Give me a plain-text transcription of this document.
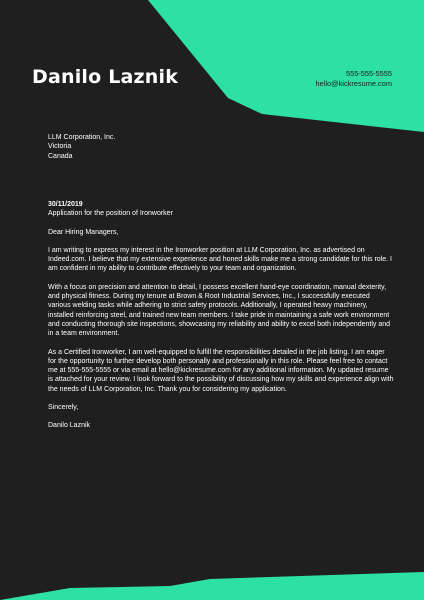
Danilo Laznik	555-555-5555
hello@kickresume.com
LLM Corporation, Inc.
Victoria
Canada
30/11/2019
Application for the position of Ironworker

Dear Hiring Managers,

I am writing to express my interest in the Ironworker position at LLM Corporation, Inc. as advertised on Indeed.com. I believe that my extensive experience and honed skills make me a strong candidate for this role. I am confident in my ability to contribute effectively to your team and organization.

With a focus on precision and attention to detail, I possess excellent hand-eye coordination, manual dexterity, and physical fitness. During my tenure at Brown & Root Industrial Services, Inc., I successfully executed various welding tasks while adhering to strict safety protocols. Additionally, I operated heavy machinery, installed reinforcing steel, and trained new team members. I take pride in maintaining a safe work environment and conducting thorough site inspections, showcasing my reliability and ability to excel both independently and in a team environment.

As a Certified Ironworker, I am well-equipped to fulfill the responsibilities detailed in the job listing. I am eager for the opportunity to further develop both personally and professionally in this role. Please feel free to contact me at 555-555-5555 or via email at hello@kickresume.com for any additional information. My updated resume is attached for your review. I look forward to the possibility of discussing how my skills and experience align with the needs of LLM Corporation, Inc. Thank you for considering my application.

Sincerely,

Danilo Laznik
